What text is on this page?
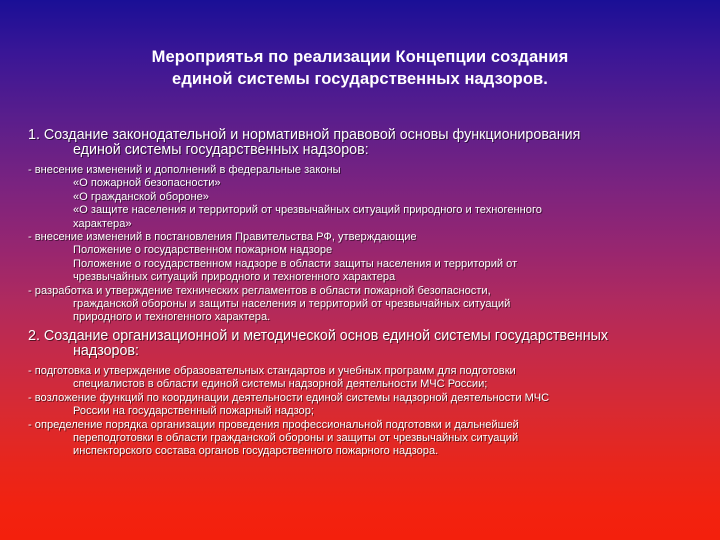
Мероприятья по реализации Концепции создания
единой системы государственных надзоров.
1. Создание законодательной и нормативной правовой основы функционирования
единой системы государственных надзоров:
- внесение изменений и дополнений в федеральные законы
«О пожарной безопасности»
«О гражданской обороне»
«О защите населения и территорий от чрезвычайных ситуаций природного и техногенного
характера»
- внесение изменений в постановления Правительства РФ, утверждающие
Положение о государственном пожарном надзоре
Положение о государственном надзоре в области защиты населения и территорий от
чрезвычайных ситуаций природного и техногенного характера
- разработка и утверждение технических регламентов в области пожарной безопасности,
гражданской обороны и защиты населения и территорий от чрезвычайных ситуаций
природного и техногенного характера.
2. Создание организационной и методической основ единой системы государственных
надзоров:
- подготовка и утверждение образовательных стандартов и учебных программ для подготовки
специалистов в области единой системы надзорной деятельности МЧС России;
- возложение функций по координации деятельности единой системы надзорной деятельности МЧС
России на государственный пожарный надзор;
- определение порядка организации проведения профессиональной подготовки и дальнейшей
переподготовки в области гражданской обороны и защиты от чрезвычайных ситуаций
инспекторского состава органов государственного пожарного надзора.
